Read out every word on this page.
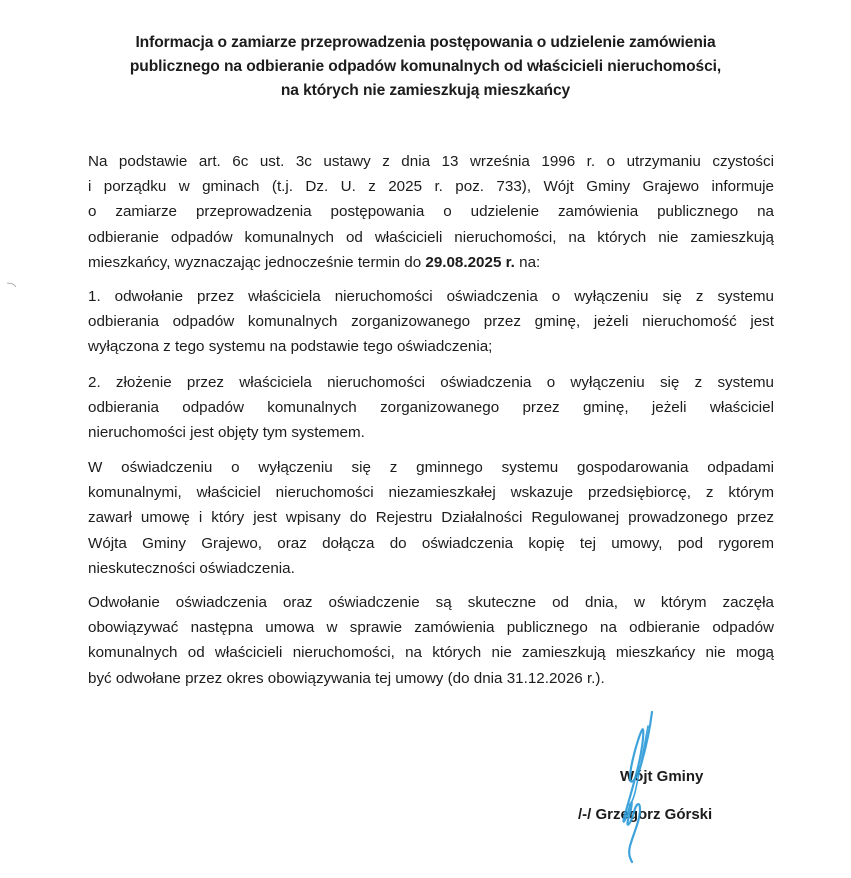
Informacja o zamiarze przeprowadzenia postępowania o udzielenie zamówienia
publicznego na odbieranie odpadów komunalnych od właścicieli nieruchomości,
na których nie zamieszkują mieszkańcy
Na podstawie art. 6c ust. 3c ustawy z dnia 13 września 1996 r. o utrzymaniu czystości
i porządku w gminach (t.j. Dz. U. z 2025 r. poz. 733), Wójt Gminy Grajewo informuje
o zamiarze przeprowadzenia postępowania o udzielenie zamówienia publicznego na
odbieranie odpadów komunalnych od właścicieli nieruchomości, na których nie zamieszkują
mieszkańcy, wyznaczając jednocześnie termin do 29.08.2025 r. na:
1. odwołanie przez właściciela nieruchomości oświadczenia o wyłączeniu się z systemu
odbierania odpadów komunalnych zorganizowanego przez gminę, jeżeli nieruchomość jest
wyłączona z tego systemu na podstawie tego oświadczenia;
2. złożenie przez właściciela nieruchomości oświadczenia o wyłączeniu się z systemu
odbierania odpadów komunalnych zorganizowanego przez gminę, jeżeli właściciel
nieruchomości jest objęty tym systemem.
W oświadczeniu o wyłączeniu się z gminnego systemu gospodarowania odpadami
komunalnymi, właściciel nieruchomości niezamieszkałej wskazuje przedsiębiorcę, z którym
zawarł umowę i który jest wpisany do Rejestru Działalności Regulowanej prowadzonego przez
Wójta Gminy Grajewo, oraz dołącza do oświadczenia kopię tej umowy, pod rygorem
nieskuteczności oświadczenia.
Odwołanie oświadczenia oraz oświadczenie są skuteczne od dnia, w którym zaczęła
obowiązywać następna umowa w sprawie zamówienia publicznego na odbieranie odpadów
komunalnych od właścicieli nieruchomości, na których nie zamieszkują mieszkańcy nie mogą
być odwołane przez okres obowiązywania tej umowy (do dnia 31.12.2026 r.).
Wójt Gminy
/-/ Grzegorz Górski
